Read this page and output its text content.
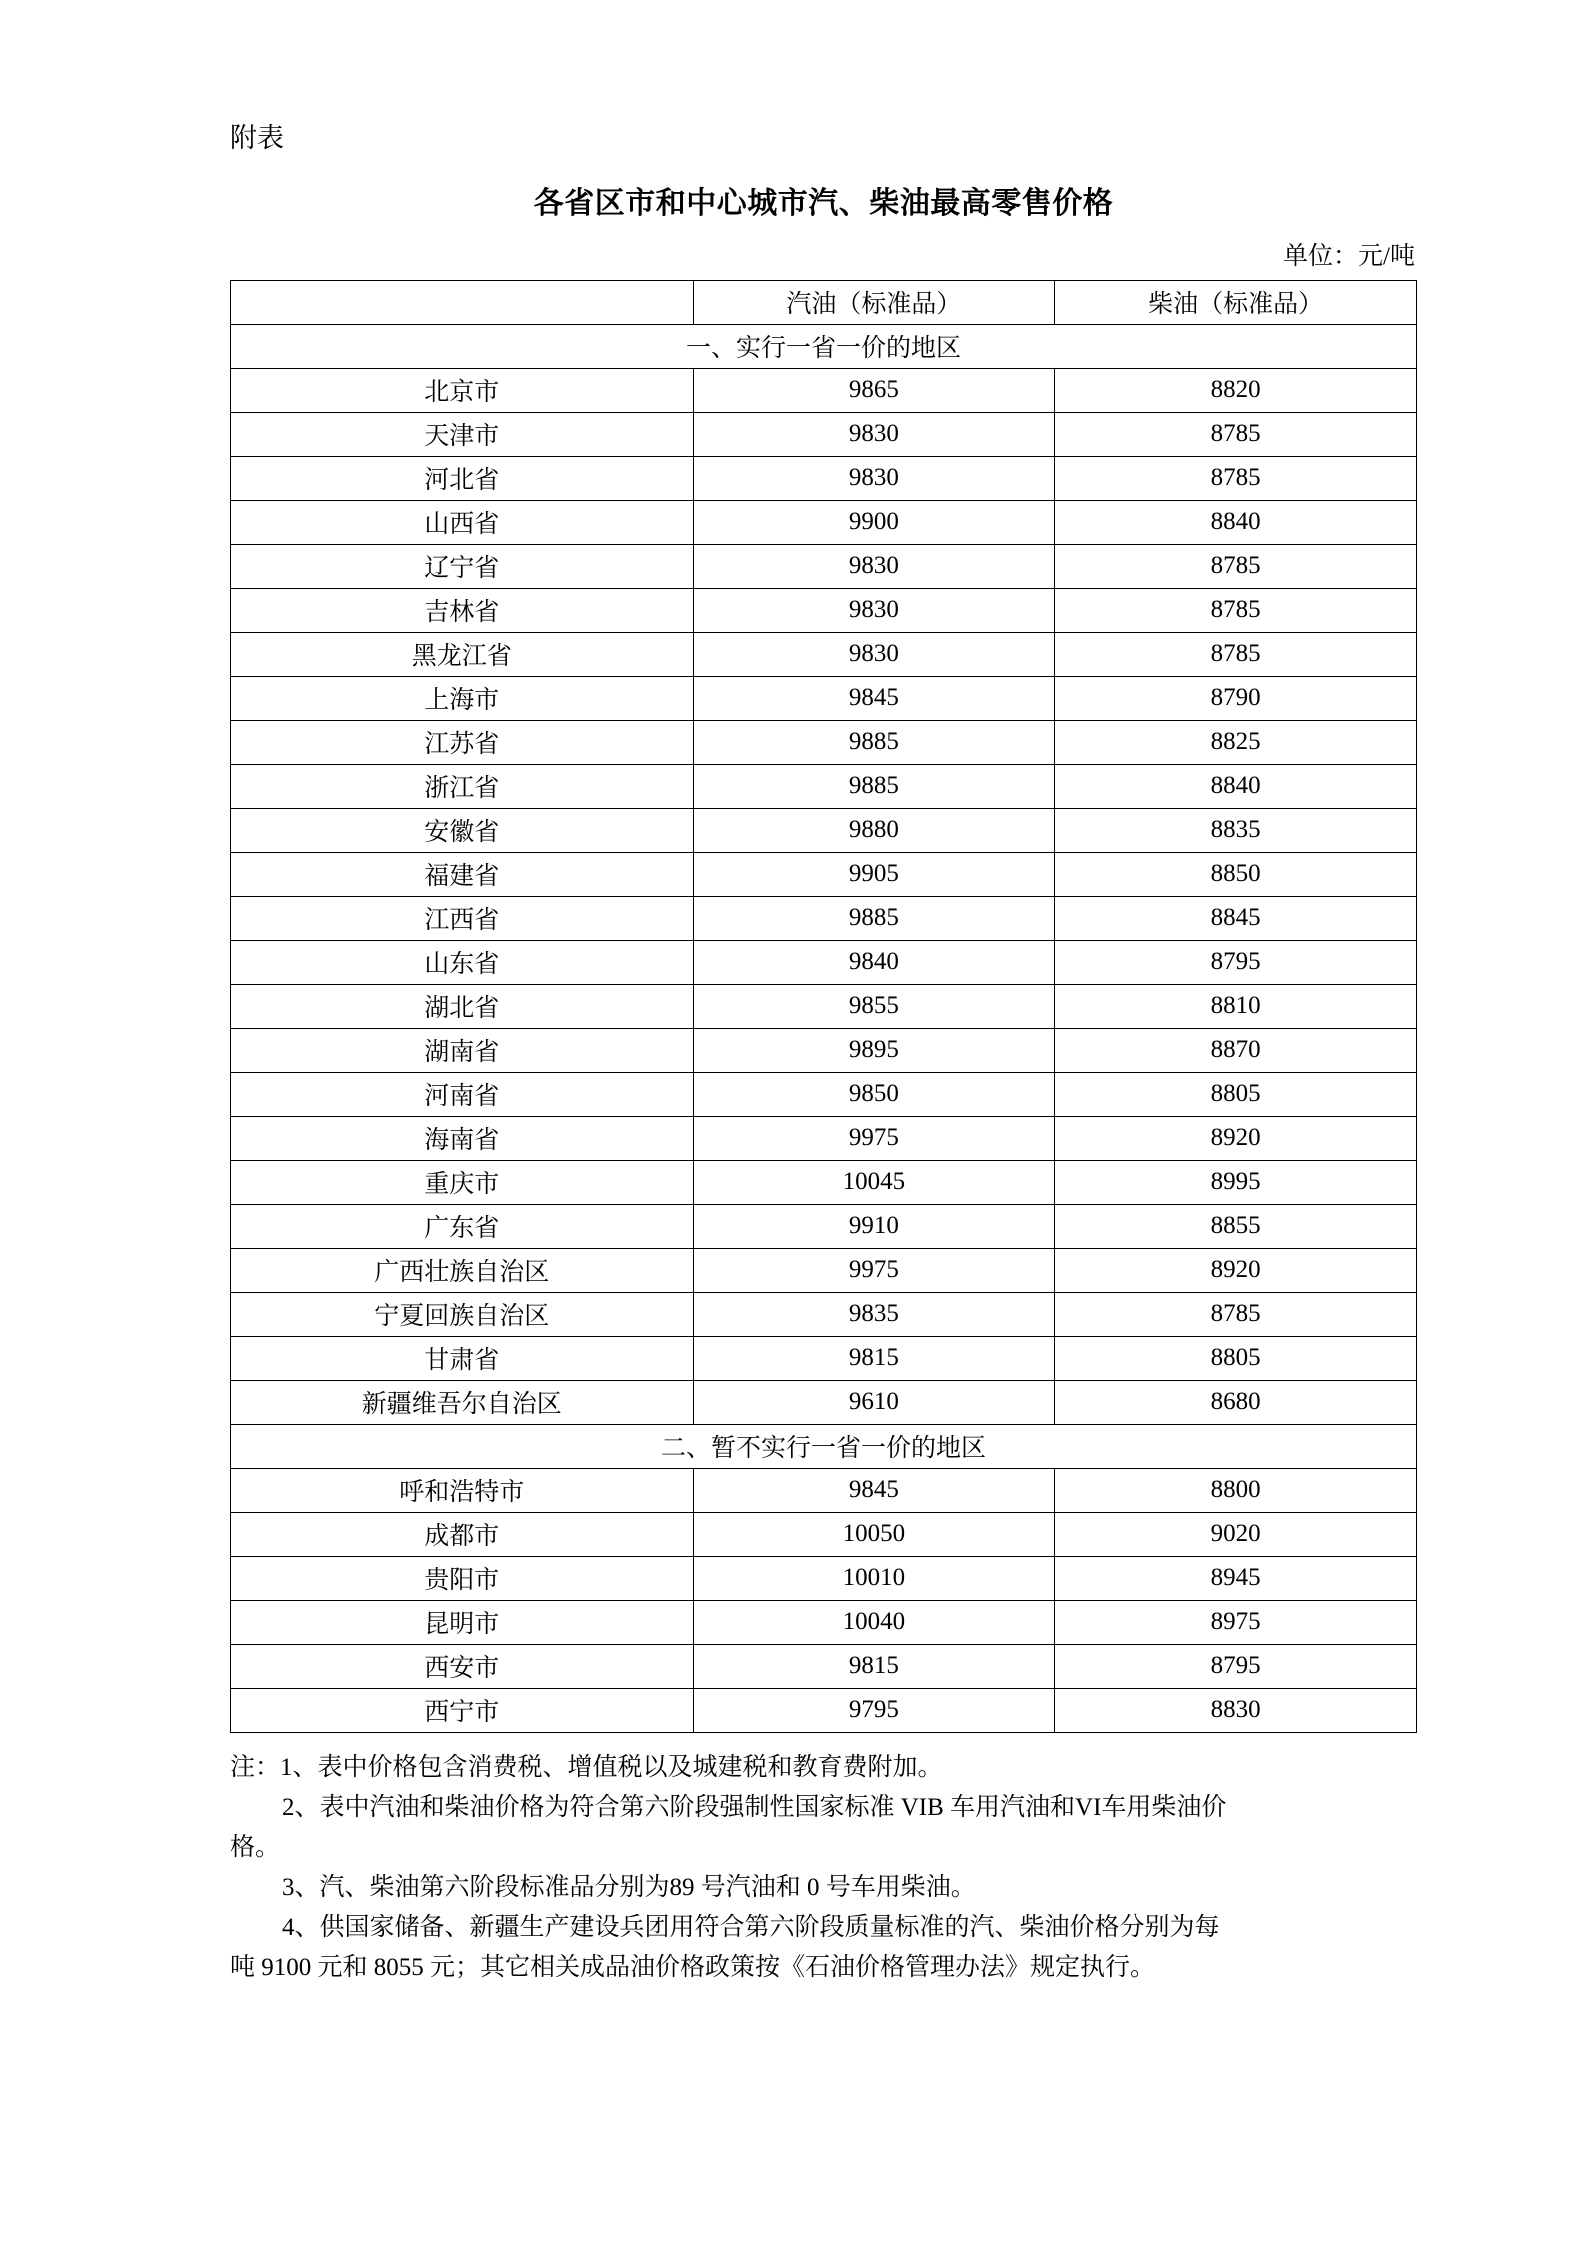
附表
各省区市和中心城市汽、柴油最高零售价格
单位：元/吨
	汽油（标准品）	柴油（标准品）
一、实行一省一价的地区		
北京市	9865	8820
天津市	9830	8785
河北省	9830	8785
山西省	9900	8840
辽宁省	9830	8785
吉林省	9830	8785
黑龙江省	9830	8785
上海市	9845	8790
江苏省	9885	8825
浙江省	9885	8840
安徽省	9880	8835
福建省	9905	8850
江西省	9885	8845
山东省	9840	8795
湖北省	9855	8810
湖南省	9895	8870
河南省	9850	8805
海南省	9975	8920
重庆市	10045	8995
广东省	9910	8855
广西壮族自治区	9975	8920
宁夏回族自治区	9835	8785
甘肃省	9815	8805
新疆维吾尔自治区	9610	8680
二、暂不实行一省一价的地区		
呼和浩特市	9845	8800
成都市	10050	9020
贵阳市	10010	8945
昆明市	10040	8975
西安市	9815	8795
西宁市	9795	8830

注：1、表中价格包含消费税、增值税以及城建税和教育费附加。

2、表中汽油和柴油价格为符合第六阶段强制性国家标准 VIB 车用汽油和VI车用柴油价

格。

3、汽、柴油第六阶段标准品分别为89 号汽油和 0 号车用柴油。

4、供国家储备、新疆生产建设兵团用符合第六阶段质量标准的汽、柴油价格分别为每

吨 9100 元和 8055 元；其它相关成品油价格政策按《石油价格管理办法》规定执行。
